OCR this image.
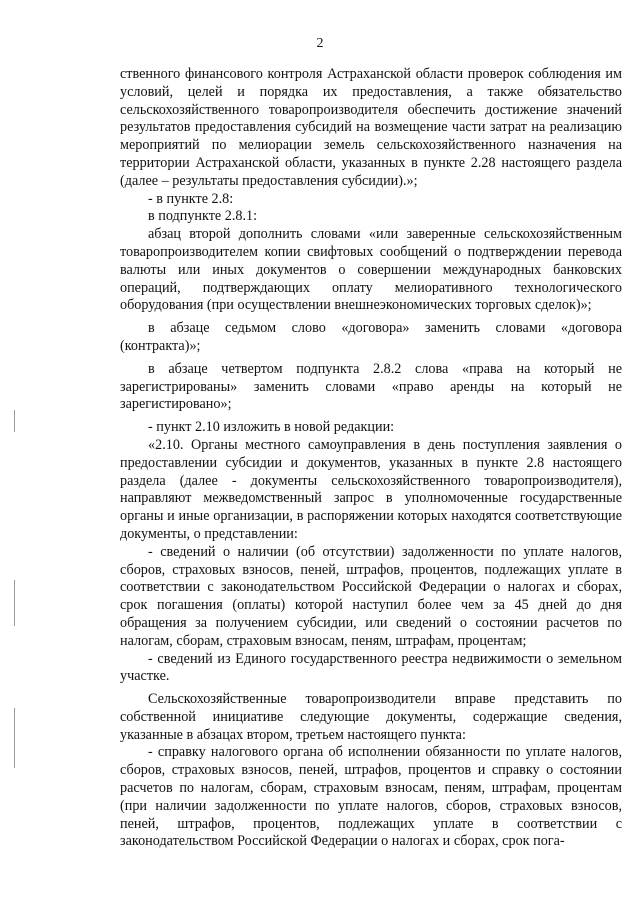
2

ственного финансового контроля Астраханской области проверок соблюдения им условий, целей и порядка их предоставления, а также обязательство сельскохозяйственного товаропроизводителя обеспечить достижение значений результатов предоставления субсидий на возмещение части затрат на реализацию мероприятий по мелиорации земель сельскохозяйственного назначения на территории Астраханской области, указанных в пункте 2.28 настоящего раздела (далее – результаты предоставления субсидии).»;

- в пункте 2.8:

в подпункте 2.8.1:

абзац второй дополнить словами «или заверенные сельскохозяйственным товаропроизводителем копии свифтовых сообщений о подтверждении перевода валюты или иных документов о совершении международных банковских операций, подтверждающих оплату мелиоративного технологического оборудования (при осуществлении внешнеэкономических торговых сделок)»;

в абзаце седьмом слово «договора» заменить словами «договора (контракта)»;

в абзаце четвертом подпункта 2.8.2 слова «права на который не зарегистрированы» заменить словами «право аренды на который не зарегистировано»;

- пункт 2.10 изложить в новой редакции:

«2.10. Органы местного самоуправления в день поступления заявления о предоставлении субсидии и документов, указанных в пункте 2.8 настоящего раздела (далее - документы сельскохозяйственного товаропроизводителя), направляют межведомственный запрос в уполномоченные государственные органы и иные организации, в распоряжении которых находятся соответствующие документы, о представлении:

- сведений о наличии (об отсутствии) задолженности по уплате налогов, сборов, страховых взносов, пеней, штрафов, процентов, подлежащих уплате в соответствии с законодательством Российской Федерации о налогах и сборах, срок погашения (оплаты) которой наступил более чем за 45 дней до дня обращения за получением субсидии, или сведений о состоянии расчетов по налогам, сборам, страховым взносам, пеням, штрафам, процентам;

- сведений из Единого государственного реестра недвижимости о земельном участке.

Сельскохозяйственные товаропроизводители вправе представить по собственной инициативе следующие документы, содержащие сведения, указанные в абзацах втором, третьем настоящего пункта:

- справку налогового органа об исполнении обязанности по уплате налогов, сборов, страховых взносов, пеней, штрафов, процентов и справку о состоянии расчетов по налогам, сборам, страховым взносам, пеням, штрафам, процентам (при наличии задолженности по уплате налогов, сборов, страховых взносов, пеней, штрафов, процентов, подлежащих уплате в соответствии с законодательством Российской Федерации о налогах и сборах, срок пога-
